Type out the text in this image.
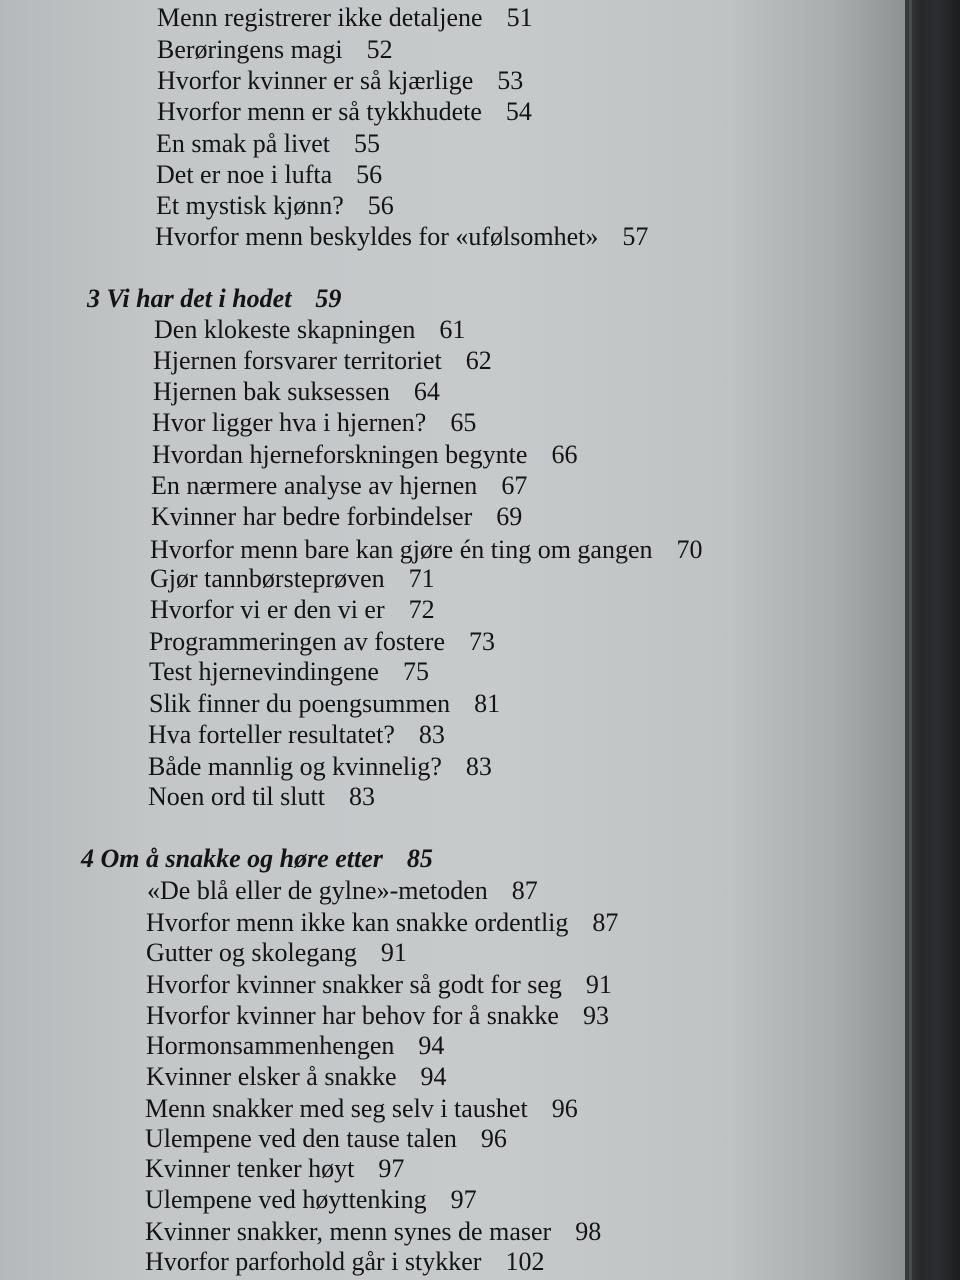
Menn registrerer ikke detaljene 51
Berøringens magi 52
Hvorfor kvinner er så kjærlige 53
Hvorfor menn er så tykkhudete 54
En smak på livet 55
Det er noe i lufta 56
Et mystisk kjønn? 56
Hvorfor menn beskyldes for «ufølsomhet» 57
3 Vi har det i hodet 59
Den klokeste skapningen 61
Hjernen forsvarer territoriet 62
Hjernen bak suksessen 64
Hvor ligger hva i hjernen? 65
Hvordan hjerneforskningen begynte 66
En nærmere analyse av hjernen 67
Kvinner har bedre forbindelser 69
Hvorfor menn bare kan gjøre én ting om gangen 70
Gjør tannbørsteprøven 71
Hvorfor vi er den vi er 72
Programmeringen av fostere 73
Test hjernevindingene 75
Slik finner du poengsummen 81
Hva forteller resultatet? 83
Både mannlig og kvinnelig? 83
Noen ord til slutt 83
4 Om å snakke og høre etter 85
«De blå eller de gylne»-metoden 87
Hvorfor menn ikke kan snakke ordentlig 87
Gutter og skolegang 91
Hvorfor kvinner snakker så godt for seg 91
Hvorfor kvinner har behov for å snakke 93
Hormonsammenhengen 94
Kvinner elsker å snakke 94
Menn snakker med seg selv i taushet 96
Ulempene ved den tause talen 96
Kvinner tenker høyt 97
Ulempene ved høyttenking 97
Kvinner snakker, menn synes de maser 98
Hvorfor parforhold går i stykker 102
